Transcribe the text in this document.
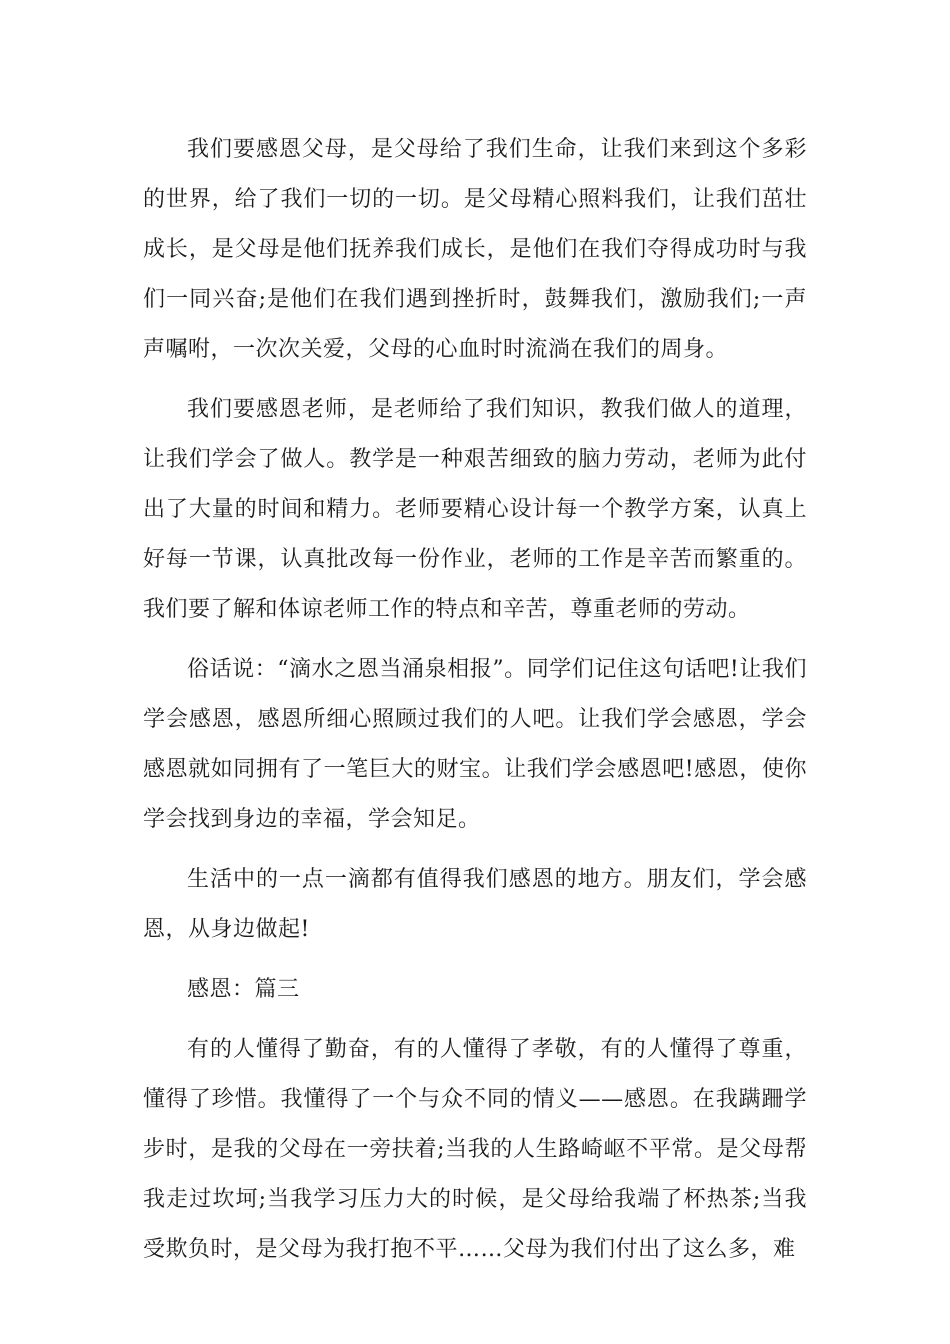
我们要感恩父母，是父母给了我们生命，让我们来到这个多彩的世界，给了我们一切的一切。是父母精心照料我们，让我们茁壮成长，是父母是他们抚养我们成长，是他们在我们夺得成功时与我们一同兴奋;是他们在我们遇到挫折时，鼓舞我们，激励我们;一声声嘱咐，一次次关爱，父母的心血时时流淌在我们的周身。

我们要感恩老师，是老师给了我们知识，教我们做人的道理，让我们学会了做人。教学是一种艰苦细致的脑力劳动，老师为此付出了大量的时间和精力。老师要精心设计每一个教学方案，认真上好每一节课，认真批改每一份作业，老师的工作是辛苦而繁重的。我们要了解和体谅老师工作的特点和辛苦，尊重老师的劳动。

俗话说：“滴水之恩当涌泉相报”。同学们记住这句话吧!让我们学会感恩，感恩所细心照顾过我们的人吧。让我们学会感恩，学会感恩就如同拥有了一笔巨大的财宝。让我们学会感恩吧!感恩，使你学会找到身边的幸福，学会知足。

生活中的一点一滴都有值得我们感恩的地方。朋友们，学会感恩，从身边做起!

感恩：篇三

有的人懂得了勤奋，有的人懂得了孝敬，有的人懂得了尊重，懂得了珍惜。我懂得了一个与众不同的情义——感恩。在我蹒跚学步时，是我的父母在一旁扶着;当我的人生路崎岖不平常。是父母帮我走过坎坷;当我学习压力大的时候，是父母给我端了杯热茶;当我受欺负时，是父母为我打抱不平……父母为我们付出了这么多，难
